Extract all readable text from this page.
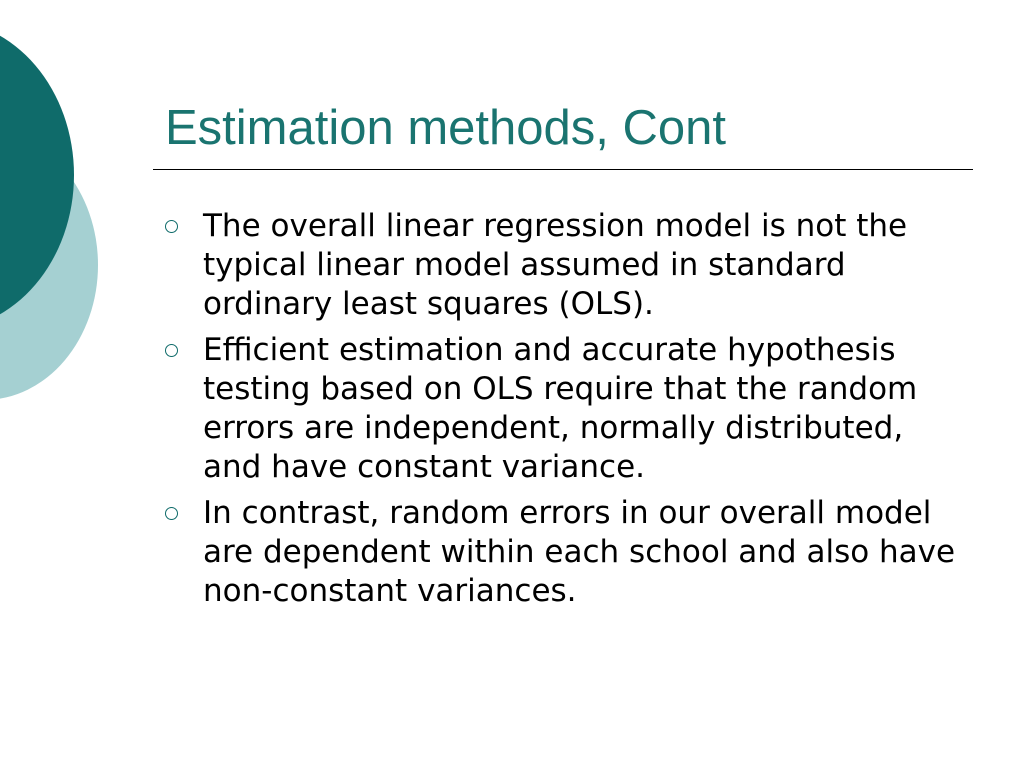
Estimation methods, Cont
The overall linear regression model is not the typical linear model assumed in standard ordinary least squares (OLS).
Efficient estimation and accurate hypothesis testing based on OLS require that the random errors are independent, normally distributed, and have constant variance.
In contrast, random errors in our overall model are dependent within each school and also have non-constant variances.
